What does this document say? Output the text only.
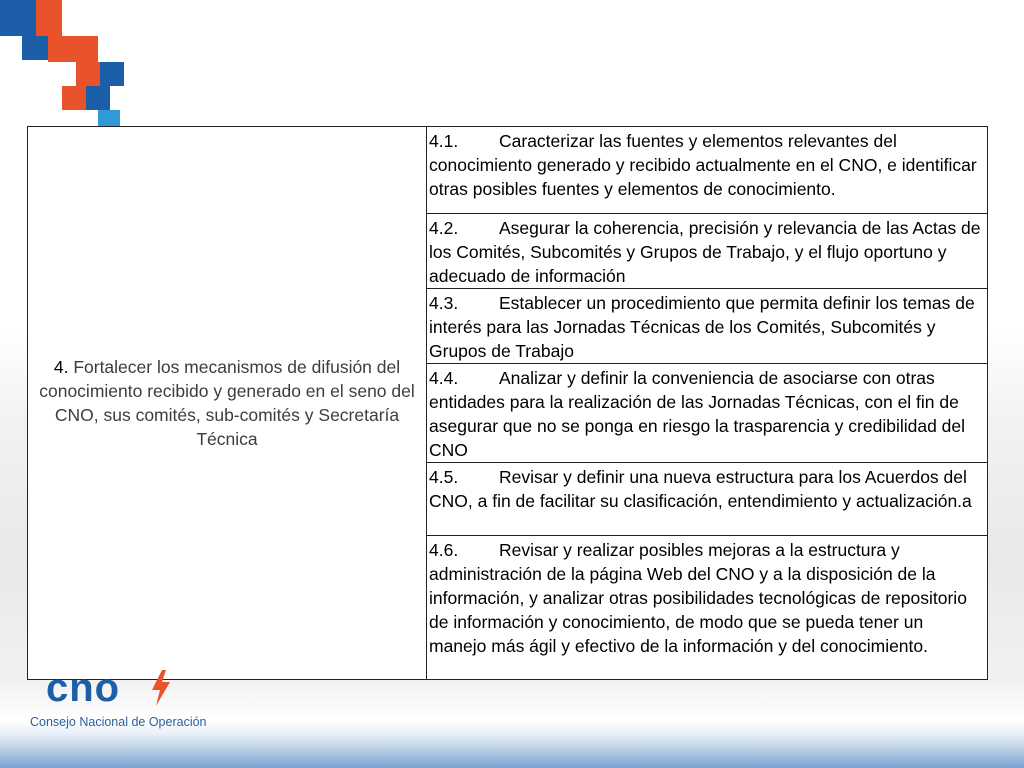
4. Fortalecer los mecanismos de difusión del conocimiento recibido y generado en el seno del CNO, sus comités, sub-comités y Secretaría Técnica	4.1. Caracterizar las fuentes y elementos relevantes del conocimiento generado y recibido actualmente en el CNO, e identificar otras posibles fuentes y elementos de conocimiento.
4.2. Asegurar la coherencia, precisión y relevancia de las Actas de los Comités, Subcomités y Grupos de Trabajo, y el flujo oportuno y adecuado de información
4.3. Establecer un procedimiento que permita definir los temas de interés para las Jornadas Técnicas de los Comités, Subcomités y Grupos de Trabajo
4.4. Analizar y definir la conveniencia de asociarse con otras entidades para la realización de las Jornadas Técnicas, con el fin de asegurar que no se ponga en riesgo la trasparencia y credibilidad del CNO
4.5. Revisar y definir una nueva estructura para los Acuerdos del CNO, a fin de facilitar su clasificación, entendimiento y actualización.a
4.6. Revisar y realizar posibles mejoras a la estructura y administración de la página Web del CNO y a la disposición de la información, y analizar otras posibilidades tecnológicas de repositorio de información y conocimiento, de modo que se pueda tener un manejo más ágil y efectivo de la información y del conocimiento.
cno
Consejo Nacional de Operación
